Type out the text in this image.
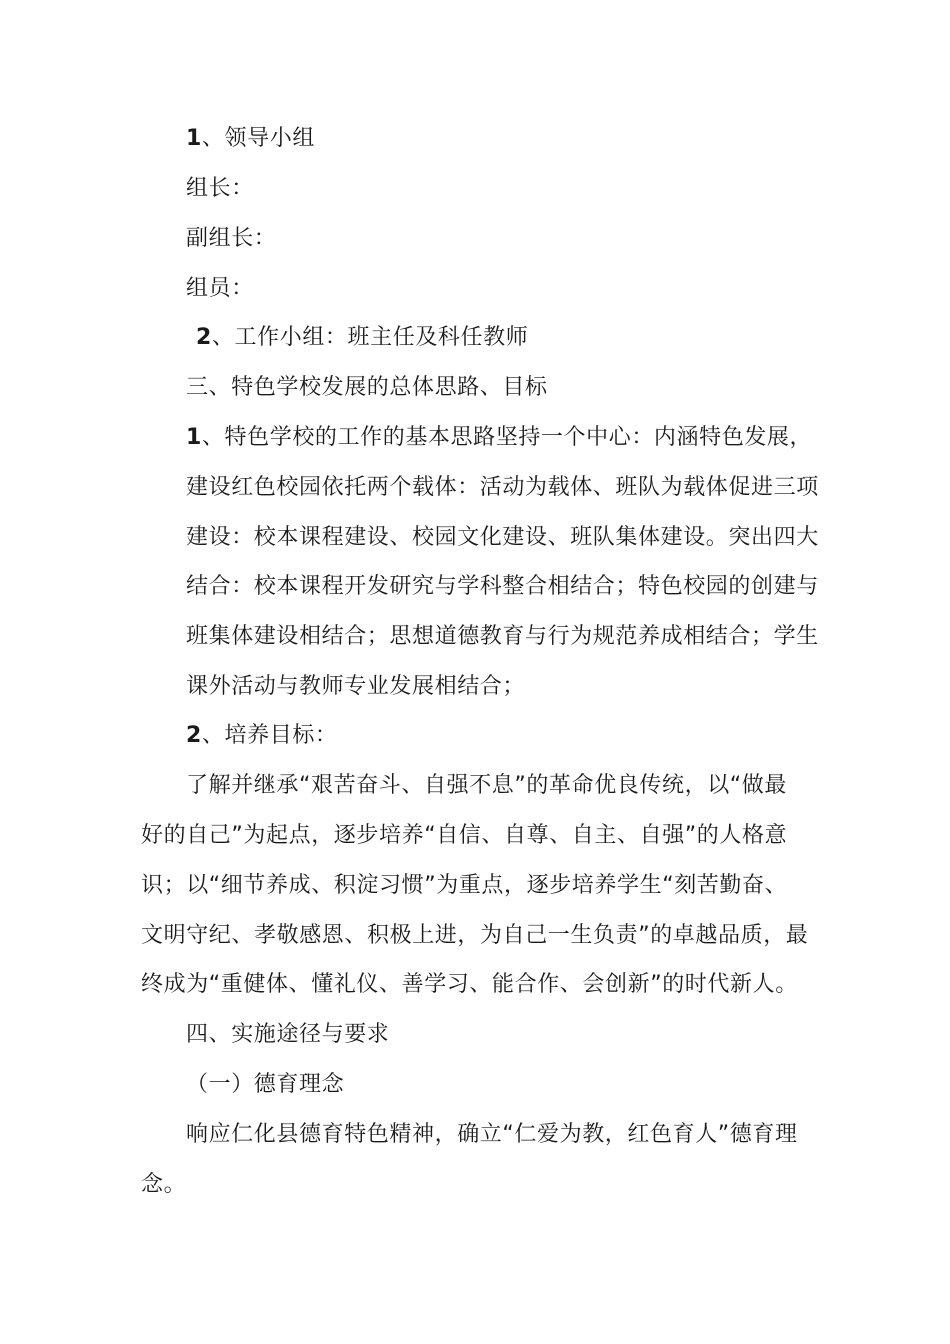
1、领导小组
组长：
副组长：
组员：
2、工作小组：班主任及科任教师
三、特色学校发展的总体思路、目标
1、特色学校的工作的基本思路坚持一个中心：内涵特色发展，
建设红色校园依托两个载体：活动为载体、班队为载体促进三项
建设：校本课程建设、校园文化建设、班队集体建设。突出四大
结合：校本课程开发研究与学科整合相结合；特色校园的创建与
班集体建设相结合；思想道德教育与行为规范养成相结合；学生
课外活动与教师专业发展相结合；
2、培养目标：
了解并继承“艰苦奋斗、自强不息”的革命优良传统，以“做最
好的自己”为起点，逐步培养“自信、自尊、自主、自强”的人格意
识；以“细节养成、积淀习惯”为重点，逐步培养学生“刻苦勤奋、
文明守纪、孝敬感恩、积极上进，为自己一生负责”的卓越品质，最
终成为“重健体、懂礼仪、善学习、能合作、会创新”的时代新人。
四、实施途径与要求
（一）德育理念
响应仁化县德育特色精神，确立“仁爱为教，红色育人”德育理
念。
